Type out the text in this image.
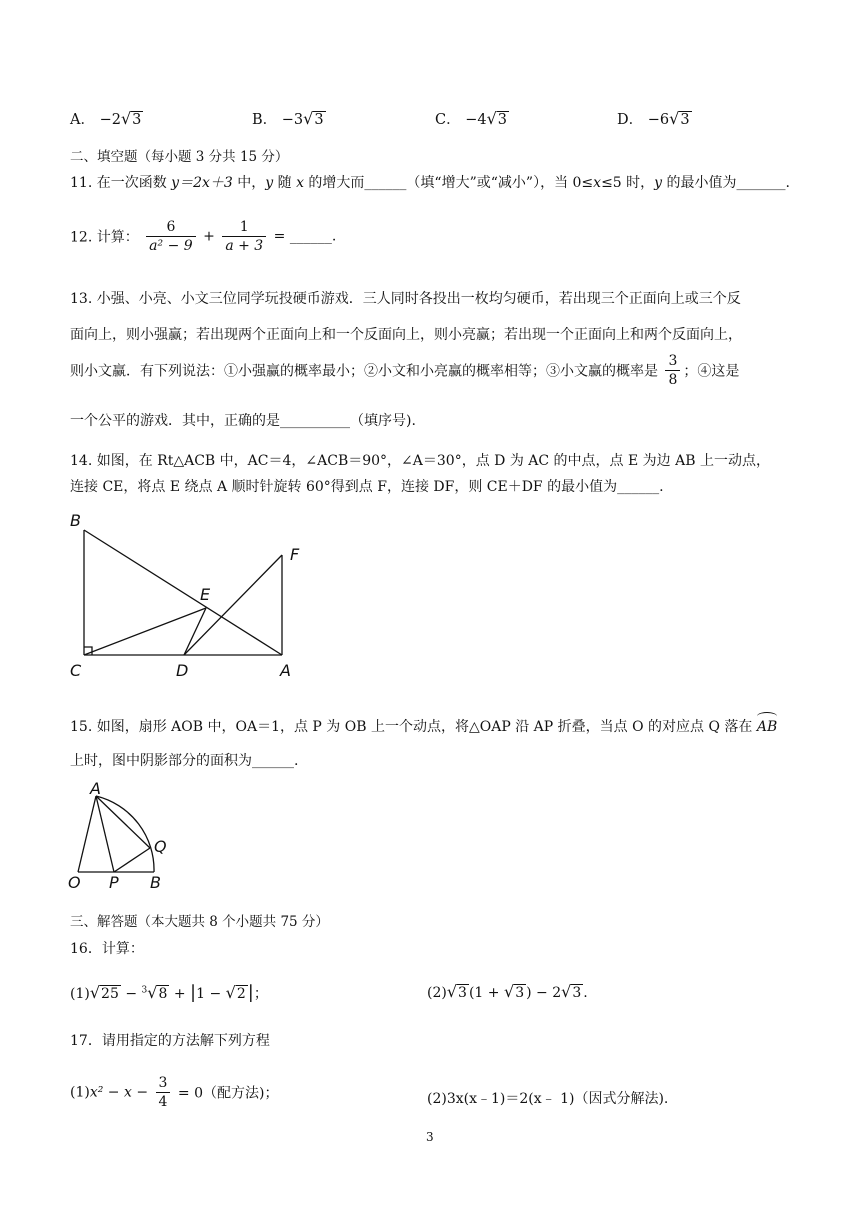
A． −2√3	B． −3√3	C． −4√3	D． −6√3
二、填空题（每小题 3 分共 15 分）
11. 在一次函数 y＝2x＋3 中，y 随 x 的增大而______（填“增大”或“减小”），当 0≤x≤5 时，y 的最小值为_______.
12. 计算： $\frac{6}{\text{a² − 9}} + \frac{1}{a + 3}$ = ______.
13. 小强、小亮、小文三位同学玩投硬币游戏．三人同时各投出一枚均匀硬币，若出现三个正面向上或三个反
面向上，则小强赢；若出现两个正面向上和一个反面向上，则小亮赢；若出现一个正面向上和两个反面向上，
则小文赢．有下列说法：①小强赢的概率最小；②小文和小亮赢的概率相等；③小文赢的概率是 $\frac{3}{8}$ ；④这是
一个公平的游戏．其中，正确的是__________（填序号).
14. 如图，在 Rt△ACB 中，AC＝4，∠ACB＝90°，∠A＝30°，点 D 为 AC 的中点，点 E 为边 AB 上一动点，
连接 CE，将点 E 绕点 A 顺时针旋转 60°得到点 F，连接 DF，则 CE＋DF 的最小值为______.
B
F
E
C	D	A
15. 如图，扇形 AOB 中，OA＝1，点 P 为 OB 上一个动点，将△OAP 沿 AP 折叠，当点 O 的对应点 Q 落在 AB
上时，图中阴影部分的面积为______.
A
Q
O P B
三、解答题（本大题共 8 个小题共 75 分）
16．计算：
(1)√25 − $^3$√8 + |1 − √2 |；	(2)√3 (1 + √3 ) − 2√3 .
17．请用指定的方法解下列方程
$(1)x^2 - x - \frac{3}{4} = 0$（配方法)；	(2)3x(x﹣1)＝2(x﹣ 1)（因式分解法).
3
